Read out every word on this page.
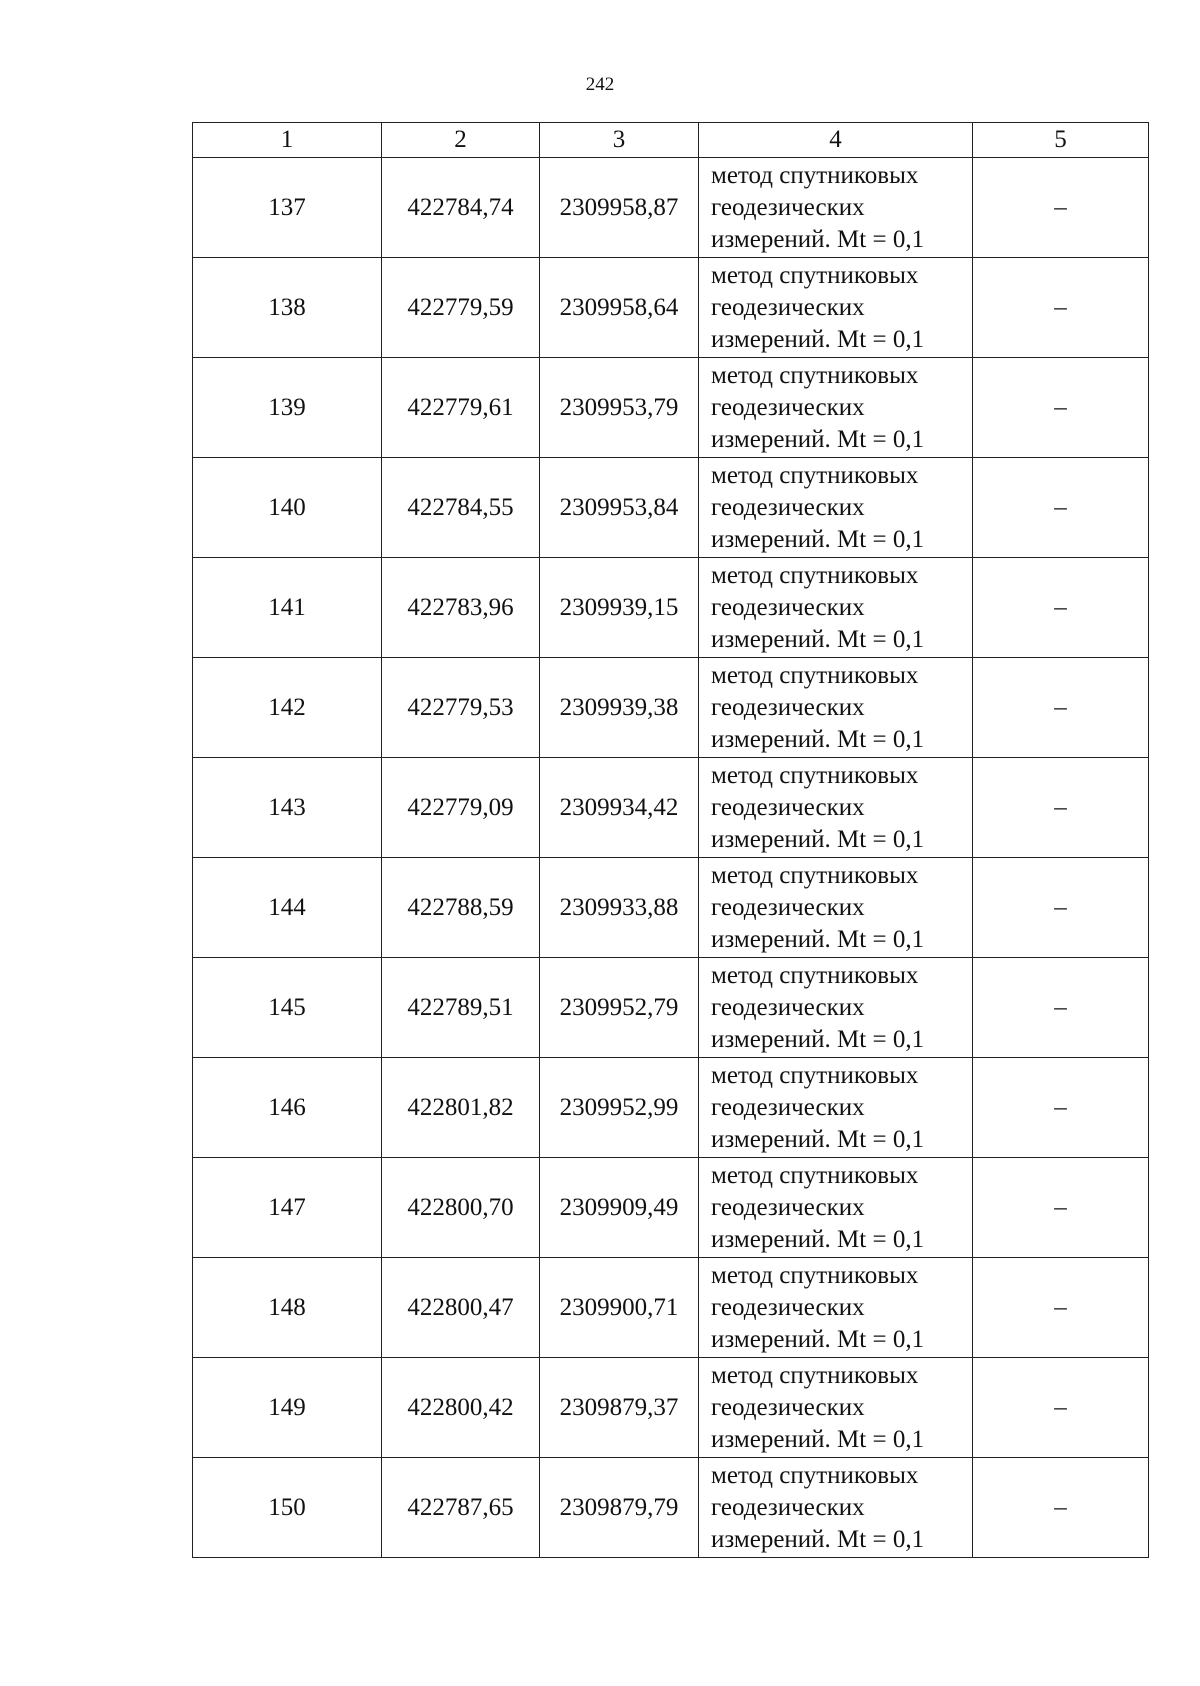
242
1	2	3	4	5
137	422784,74	2309958,87	метод спутниковых геодезических измерений. Mt = 0,1	–
138	422779,59	2309958,64	метод спутниковых геодезических измерений. Mt = 0,1	–
139	422779,61	2309953,79	метод спутниковых геодезических измерений. Mt = 0,1	–
140	422784,55	2309953,84	метод спутниковых геодезических измерений. Mt = 0,1	–
141	422783,96	2309939,15	метод спутниковых геодезических измерений. Mt = 0,1	–
142	422779,53	2309939,38	метод спутниковых геодезических измерений. Mt = 0,1	–
143	422779,09	2309934,42	метод спутниковых геодезических измерений. Mt = 0,1	–
144	422788,59	2309933,88	метод спутниковых геодезических измерений. Mt = 0,1	–
145	422789,51	2309952,79	метод спутниковых геодезических измерений. Mt = 0,1	–
146	422801,82	2309952,99	метод спутниковых геодезических измерений. Mt = 0,1	–
147	422800,70	2309909,49	метод спутниковых геодезических измерений. Mt = 0,1	–
148	422800,47	2309900,71	метод спутниковых геодезических измерений. Mt = 0,1	–
149	422800,42	2309879,37	метод спутниковых геодезических измерений. Mt = 0,1	–
150	422787,65	2309879,79	метод спутниковых геодезических измерений. Mt = 0,1	–
